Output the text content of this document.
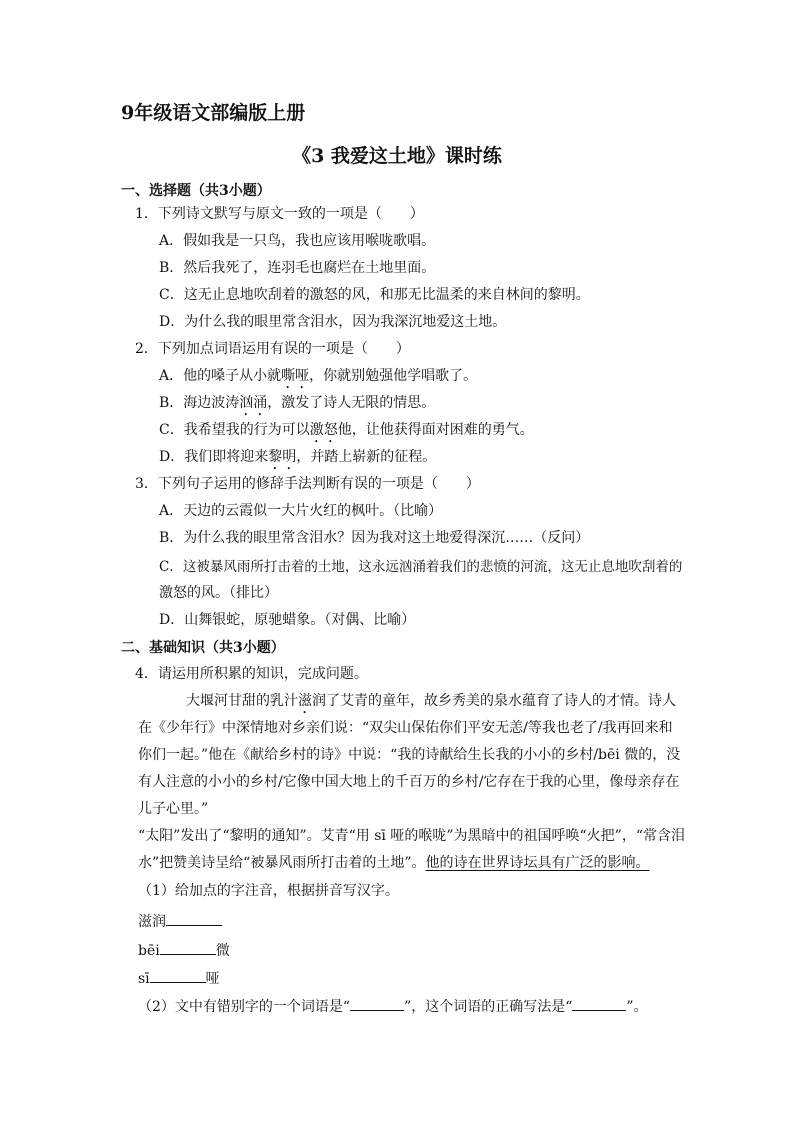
9年级语文部编版上册
《3 我爱这土地》课时练
一、选择题（共3小题）
1．下列诗文默写与原文一致的一项是（　　）
A．假如我是一只鸟，我也应该用喉咙歌唱。
B．然后我死了，连羽毛也腐烂在土地里面。
C．这无止息地吹刮着的激怒的风，和那无比温柔的来自林间的黎明。
D．为什么我的眼里常含泪水，因为我深沉地爱这土地。
2．下列加点词语运用有误的一项是（　　）
A．他的嗓子从小就嘶哑，你就别勉强他学唱歌了。
B．海边波涛汹涌，激发了诗人无限的情思。
C．我希望我的行为可以激怒他，让他获得面对困难的勇气。
D．我们即将迎来黎明，并踏上崭新的征程。
3．下列句子运用的修辞手法判断有误的一项是（　　）
A．天边的云霞似一大片火红的枫叶。（比喻）
B．为什么我的眼里常含泪水？因为我对这土地爱得深沉……（反问）
C．这被暴风雨所打击着的土地，这永远汹涌着我们的悲愤的河流，这无止息地吹刮着的
激怒的风。（排比）
D．山舞银蛇，原驰蜡象。（对偶、比喻）
二、基础知识（共3小题）
4．请运用所积累的知识，完成问题。
大堰河甘甜的乳汁滋润了艾青的童年，故乡秀美的泉水蕴育了诗人的才情。诗人
在《少年行》中深情地对乡亲们说：“双尖山保佑你们平安无恙/等我也老了/我再回来和
你们一起。”他在《献给乡村的诗》中说：“我的诗献给生长我的小小的乡村/bēi 微的，没
有人注意的小小的乡村/它像中国大地上的千百万的乡村/它存在于我的心里，像母亲存在
儿子心里。”
“太阳”发出了“黎明的通知”。艾青“用 sī 哑的喉咙”为黑暗中的祖国呼唤“火把”，“常含泪
水”把赞美诗呈给“被暴风雨所打击着的土地”。他的诗在世界诗坛具有广泛的影响。
（1）给加点的字注音，根据拼音写汉字。
滋润
bēi	微
sī	哑
（2）文中有错别字的一个词语是“	”，这个词语的正确写法是“	”。
